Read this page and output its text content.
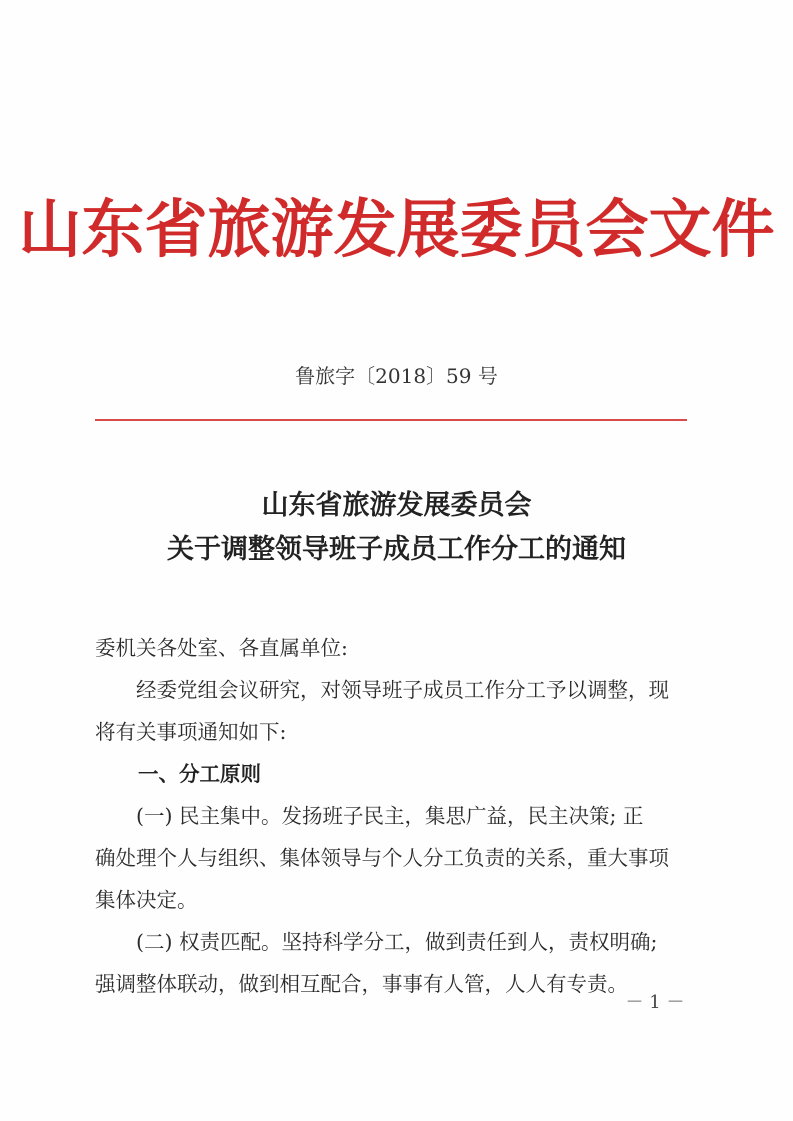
山东省旅游发展委员会文件
鲁旅字〔2018〕59 号
山东省旅游发展委员会
关于调整领导班子成员工作分工的通知
委机关各处室、各直属单位:
　　经委党组会议研究，对领导班子成员工作分工予以调整，现
将有关事项通知如下:
一、分工原则
　　(一) 民主集中。发扬班子民主，集思广益，民主决策; 正
确处理个人与组织、集体领导与个人分工负责的关系，重大事项
集体决定。
　　(二) 权责匹配。坚持科学分工，做到责任到人，责权明确;
强调整体联动，做到相互配合，事事有人管，人人有专责。
－ 1 －
